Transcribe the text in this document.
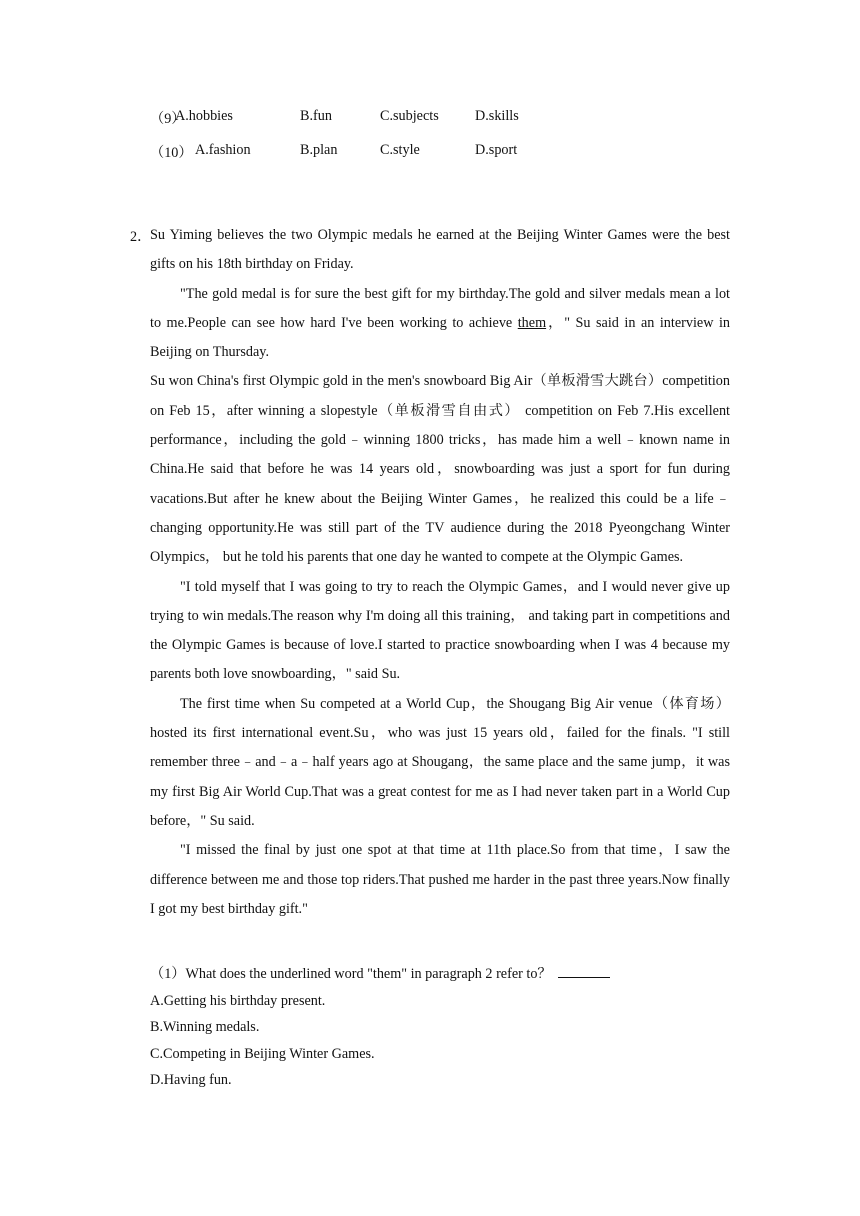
（9）
A.hobbies	B.fun	C.subjects	D.skills
（10） A.fashion	B.plan	C.style	D.sport
2．

Su Yiming believes the two Olympic medals he earned at the Beijing Winter Games were the best gifts on his 18th birthday on Friday.

"The gold medal is for sure the best gift for my birthday.The gold and silver medals mean a lot to me.People can see how hard I've been working to achieve them，" Su said in an interview in Beijing on Thursday.

Su won China's first Olympic gold in the men's snowboard Big Air（单板滑雪大跳台）competition on Feb 15，after winning a slopestyle（单板滑雪自由式） competition on Feb 7.His excellent performance，including the gold﹣winning 1800 tricks，has made him a well﹣known name in China.He said that before he was 14 years old，snowboarding was just a sport for fun during vacations.But after he knew about the Beijing Winter Games，he realized this could be a life﹣changing opportunity.He was still part of the TV audience during the 2018 Pyeongchang Winter Olympics， but he told his parents that one day he wanted to compete at the Olympic Games.

"I told myself that I was going to try to reach the Olympic Games，and I would never give up trying to win medals.The reason why I'm doing all this training， and taking part in competitions and the Olympic Games is because of love.I started to practice snowboarding when I was 4 because my parents both love snowboarding，" said Su.

The first time when Su competed at a World Cup，the Shougang Big Air venue（体育场）hosted its first international event.Su，who was just 15 years old，failed for the finals. "I still remember three﹣and﹣a﹣half years ago at Shougang，the same place and the same jump，it was my first Big Air World Cup.That was a great contest for me as I had never taken part in a World Cup before，" Su said.

"I missed the final by just one spot at that time at 11th place.So from that time，I saw the difference between me and those top riders.That pushed me harder in the past three years.Now finally I got my best birthday gift."

（1）What does the underlined word "them" in paragraph 2 refer to？
A.Getting his birthday present.
B.Winning medals.
C.Competing in Beijing Winter Games.
D.Having fun.
